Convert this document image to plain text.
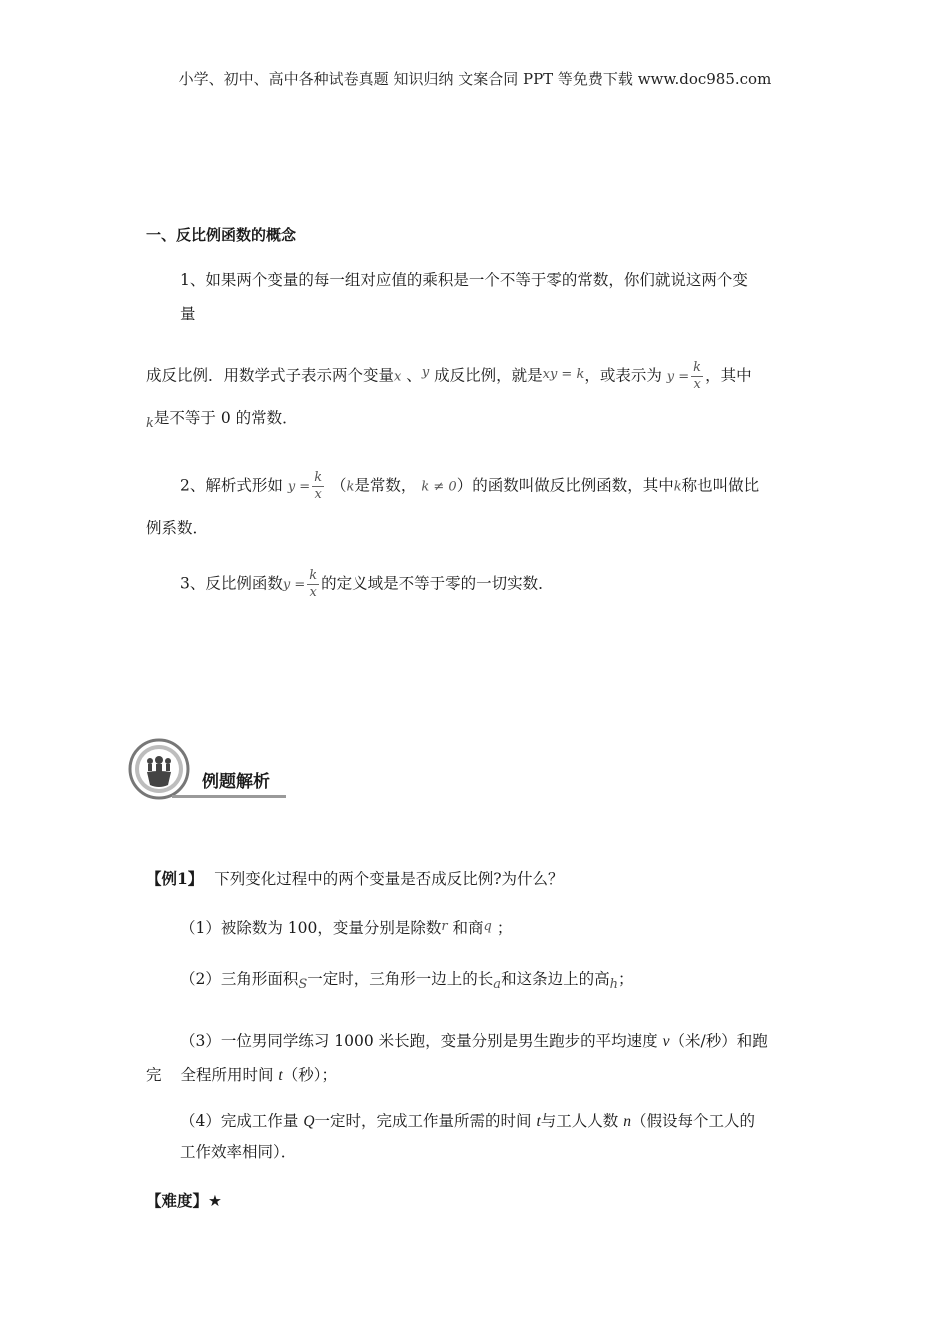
小学、初中、高中各种试卷真题 知识归纳 文案合同 PPT 等免费下载 www.doc985.com
一、反比例函数的概念
1、如果两个变量的每一组对应值的乘积是一个不等于零的常数，你们就说这两个变
量
成反比例．用数学式子表示两个变量x 、$^y$ 成反比例，就是xy = k，或表示为 $y = \frac{k}{x}$ ，其中
$_k$是不等于 0 的常数．
2、解析式形如 $y = \frac{k}{x} (k$是常数， k ≠ 0）的函数叫做反比例函数，其中k称也叫做比
例系数．
3、反比例函数$y = \frac{k}{x}$ 的定义域是不等于零的一切实数．
例题解析
【例1】 下列变化过程中的两个变量是否成反比例?为什么？
（1）被除数为 100，变量分别是除数r 和商q ；
（2）三角形面积$_S$一定时，三角形一边上的长$_a$和这条边上的高$_h$；
（3）一位男同学练习 1000 米长跑，变量分别是男生跑步的平均速度 v（米/秒）和跑
完 全程所用时间 t（秒）；
（4）完成工作量 Q一定时，完成工作量所需的时间 t与工人人数 n（假设每个工人的
工作效率相同）．
【难度】★
